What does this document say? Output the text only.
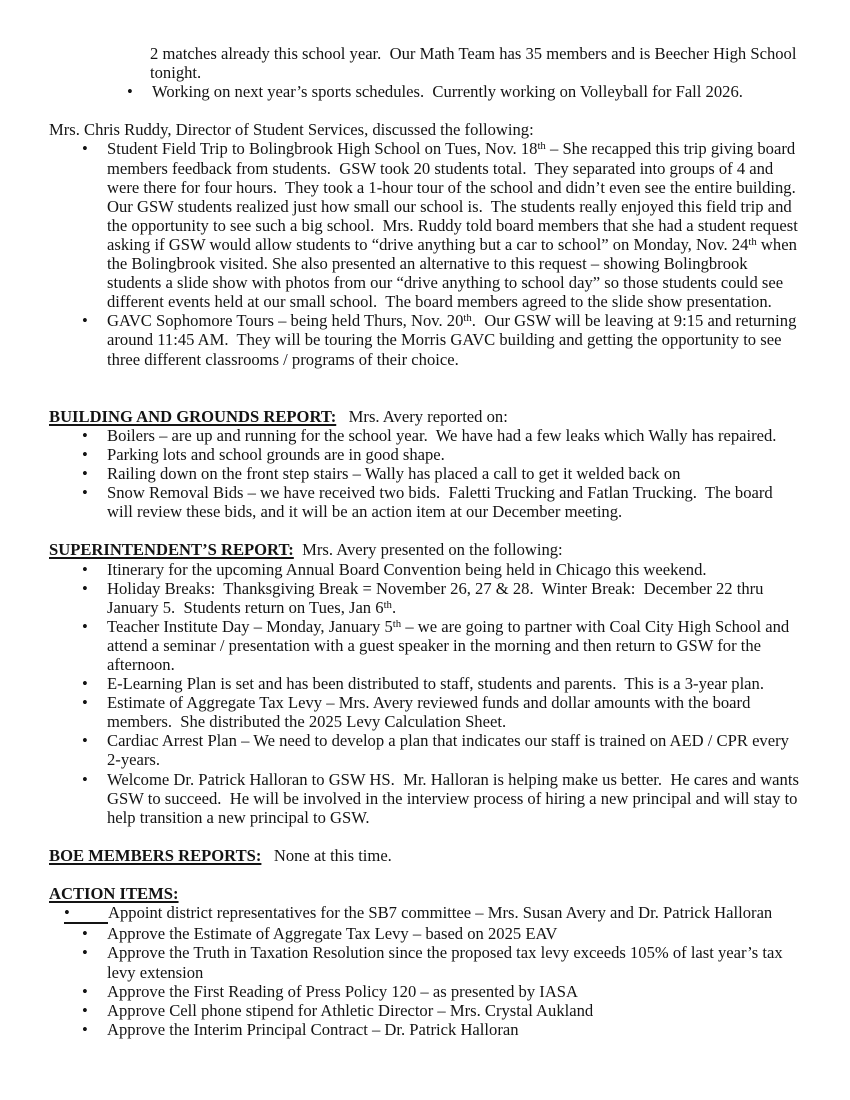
2 matches already this school year.  Our Math Team has 35 members and is Beecher High School tonight.
•	Working on next year’s sports schedules.  Currently working on Volleyball for Fall 2026.
Mrs. Chris Ruddy, Director of Student Services, discussed the following:
•	Student Field Trip to Bolingbrook High School on Tues, Nov. 18th – She recapped this trip giving board members feedback from students.  GSW took 20 students total.  They separated into groups of 4 and were there for four hours.  They took a 1-hour tour of the school and didn’t even see the entire building.  Our GSW students realized just how small our school is.  The students really enjoyed this field trip and the opportunity to see such a big school.  Mrs. Ruddy told board members that she had a student request asking if GSW would allow students to “drive anything but a car to school” on Monday, Nov. 24th when the Bolingbrook visited. She also presented an alternative to this request – showing Bolingbrook students a slide show with photos from our “drive anything to school day” so those students could see different events held at our small school.  The board members agreed to the slide show presentation.
•	GAVC Sophomore Tours – being held Thurs, Nov. 20th.  Our GSW will be leaving at 9:15 and returning around 11:45 AM.  They will be touring the Morris GAVC building and getting the opportunity to see three different classrooms / programs of their choice.
BUILDING AND GROUNDS REPORT:   Mrs. Avery reported on:
•	Boilers – are up and running for the school year.  We have had a few leaks which Wally has repaired.
•	Parking lots and school grounds are in good shape.
•	Railing down on the front step stairs – Wally has placed a call to get it welded back on
•	Snow Removal Bids – we have received two bids.  Faletti Trucking and Fatlan Trucking.  The board will review these bids, and it will be an action item at our December meeting.
SUPERINTENDENT’S REPORT:  Mrs. Avery presented on the following:
•	Itinerary for the upcoming Annual Board Convention being held in Chicago this weekend.
•	Holiday Breaks:  Thanksgiving Break = November 26, 27 & 28.  Winter Break:  December 22 thru January 5.  Students return on Tues, Jan 6th.
•	Teacher Institute Day – Monday, January 5th – we are going to partner with Coal City High School and attend a seminar / presentation with a guest speaker in the morning and then return to GSW for the afternoon.
•	E-Learning Plan is set and has been distributed to staff, students and parents.  This is a 3-year plan.
•	Estimate of Aggregate Tax Levy – Mrs. Avery reviewed funds and dollar amounts with the board members.  She distributed the 2025 Levy Calculation Sheet.
•	Cardiac Arrest Plan – We need to develop a plan that indicates our staff is trained on AED / CPR every 2-years.
•	Welcome Dr. Patrick Halloran to GSW HS.  Mr. Halloran is helping make us better.  He cares and wants GSW to succeed.  He will be involved in the interview process of hiring a new principal and will stay to help transition a new principal to GSW.
BOE MEMBERS REPORTS:   None at this time.
ACTION ITEMS:
•	Appoint district representatives for the SB7 committee – Mrs. Susan Avery and Dr. Patrick Halloran
•	Approve the Estimate of Aggregate Tax Levy – based on 2025 EAV
•	Approve the Truth in Taxation Resolution since the proposed tax levy exceeds 105% of last year’s tax levy extension
•	Approve the First Reading of Press Policy 120 – as presented by IASA
•	Approve Cell phone stipend for Athletic Director – Mrs. Crystal Aukland
•	Approve the Interim Principal Contract – Dr. Patrick Halloran
